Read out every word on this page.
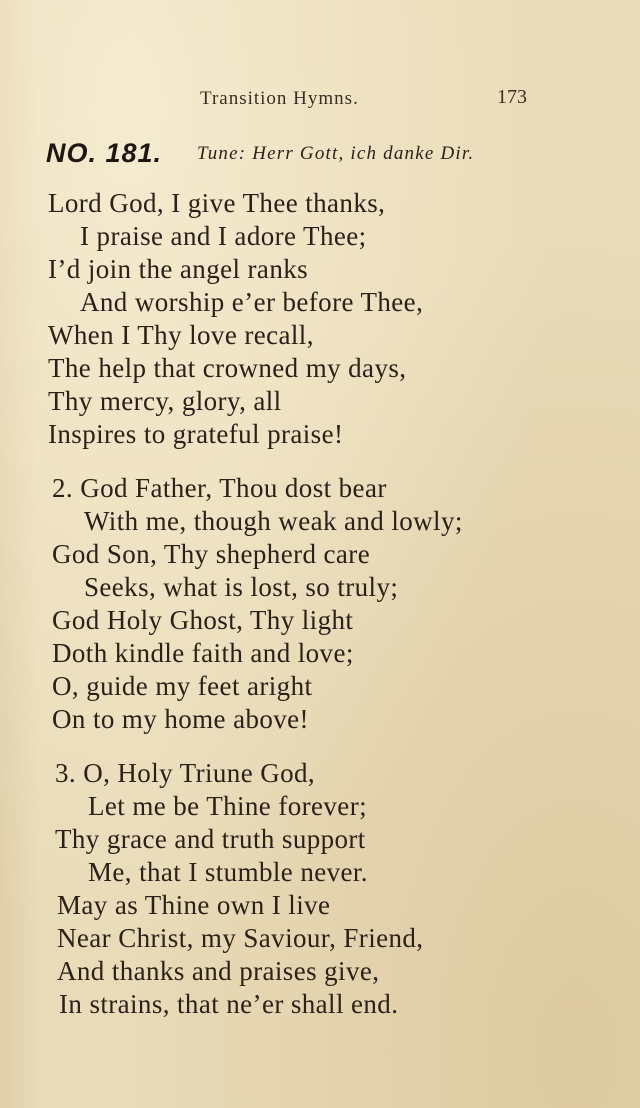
Transition Hymns.	173
NO. 181. Tune: Herr Gott, ich danke Dir.
Lord God, I give Thee thanks,
I praise and I adore Thee;
I’d join the angel ranks
And worship e’er before Thee,
When I Thy love recall,
The help that crowned my days,
Thy mercy, glory, all
Inspires to grateful praise!
2. God Father, Thou dost bear
With me, though weak and lowly;
God Son, Thy shepherd care
Seeks, what is lost, so truly;
God Holy Ghost, Thy light
Doth kindle faith and love;
O, guide my feet aright
On to my home above!
3. O, Holy Triune God,
Let me be Thine forever;
Thy grace and truth support
Me, that I stumble never.
May as Thine own I live
Near Christ, my Saviour, Friend,
And thanks and praises give,
In strains, that ne’er shall end.
